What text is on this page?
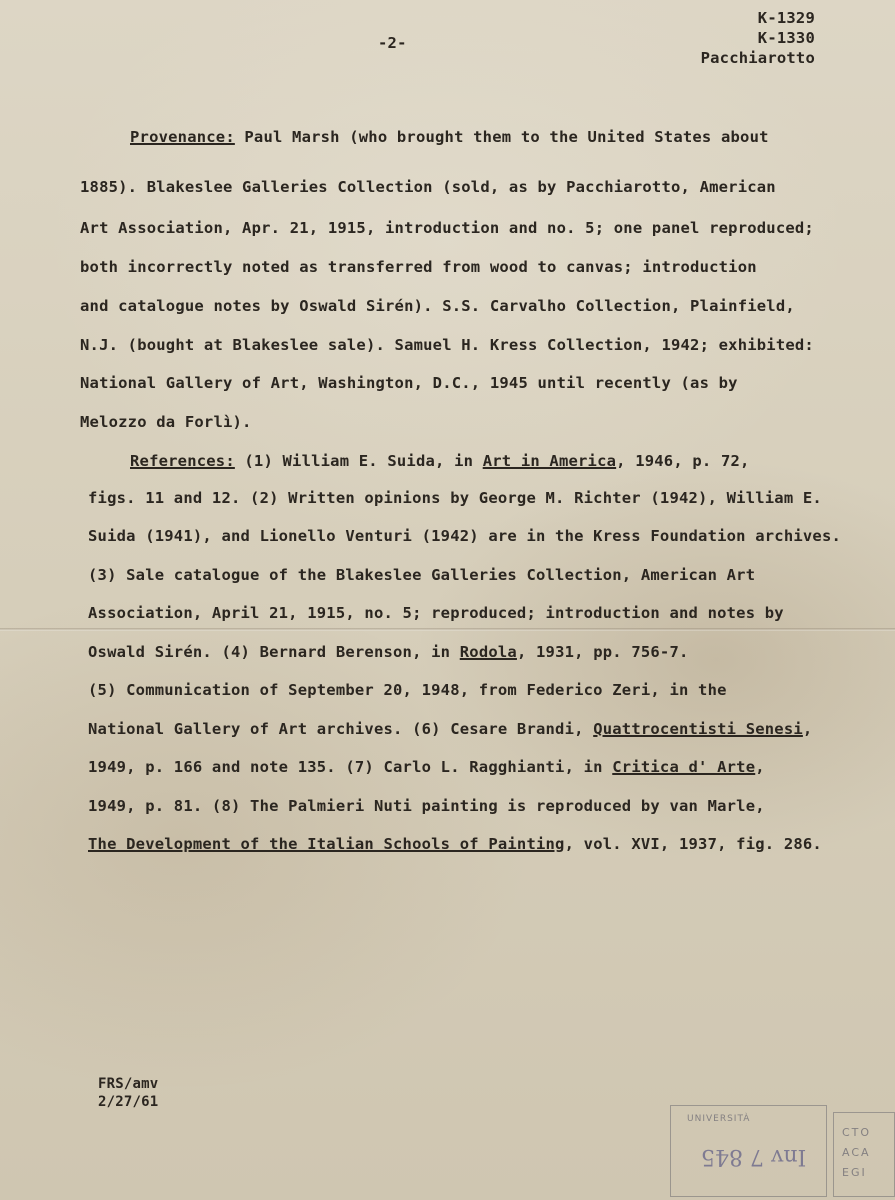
-2-
K-1329
K-1330
Pacchiarotto
Provenance: Paul Marsh (who brought them to the United States about
1885). Blakeslee Galleries Collection (sold, as by Pacchiarotto, American
Art Association, Apr. 21, 1915, introduction and no. 5; one panel reproduced;
both incorrectly noted as transferred from wood to canvas; introduction
and catalogue notes by Oswald Sirén). S.S. Carvalho Collection, Plainfield,
N.J. (bought at Blakeslee sale). Samuel H. Kress Collection, 1942; exhibited:
National Gallery of Art, Washington, D.C., 1945 until recently (as by
Melozzo da Forlì).
References: (1) William E. Suida, in Art in America, 1946, p. 72,
figs. 11 and 12. (2) Written opinions by George M. Richter (1942), William E.
Suida (1941), and Lionello Venturi (1942) are in the Kress Foundation archives.
(3) Sale catalogue of the Blakeslee Galleries Collection, American Art
Association, April 21, 1915, no. 5; reproduced; introduction and notes by
Oswald Sirén. (4) Bernard Berenson, in Rodola, 1931, pp. 756-7.
(5) Communication of September 20, 1948, from Federico Zeri, in the
National Gallery of Art archives. (6) Cesare Brandi, Quattrocentisti Senesi,
1949, p. 166 and note 135. (7) Carlo L. Ragghianti, in Critica d' Arte,
1949, p. 81. (8) The Palmieri Nuti painting is reproduced by van Marle,
The Development of the Italian Schools of Painting, vol. XVI, 1937, fig. 286.
FRS/amv
2/27/61
UNIVERSITÀ
Inv 7 845
CTO
ACA
EGI
